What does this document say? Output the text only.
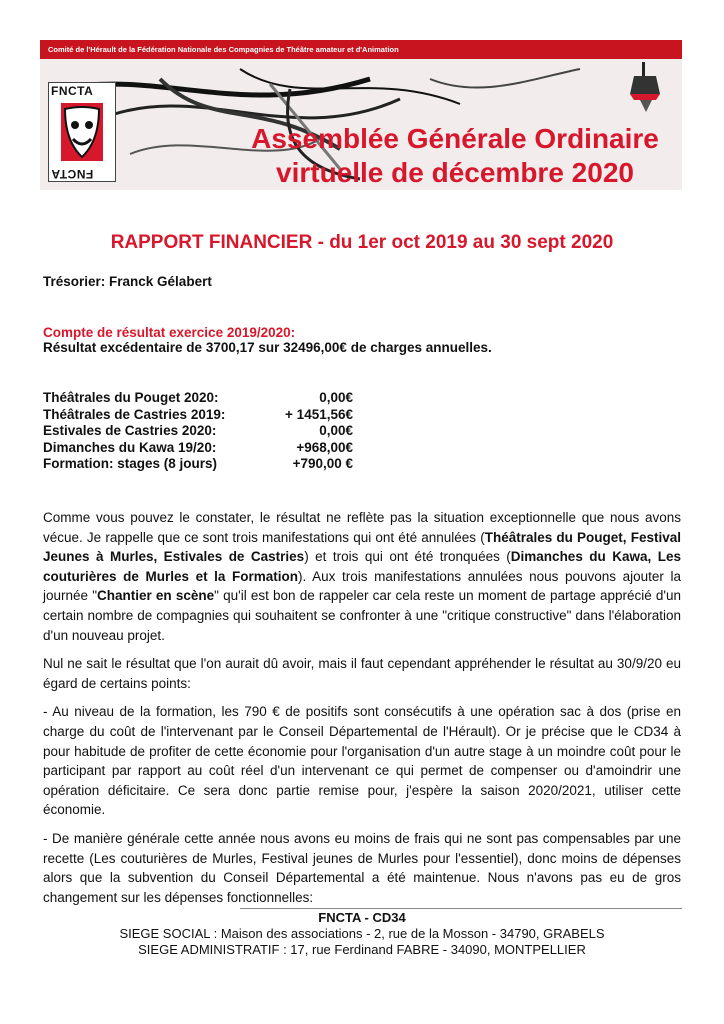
Comité de l'Hérault de la Fédération Nationale des Compagnies de Théâtre amateur et d'Animation
FNCTA
FNCTA
Assemblée Générale Ordinaire
virtuelle de décembre 2020
RAPPORT FINANCIER - du 1er oct 2019 au 30 sept 2020
Trésorier: Franck Gélabert
Compte de résultat exercice 2019/2020:
Résultat excédentaire de 3700,17 sur 32496,00€ de charges annuelles.
Théâtrales du Pouget 2020:	0,00€
Théâtrales de Castries 2019:	+ 1451,56€
Estivales de Castries 2020:	0,00€
Dimanches du Kawa 19/20:	+968,00€
Formation: stages (8 jours)	+790,00 €

Comme vous pouvez le constater, le résultat ne reflète pas la situation exceptionnelle que nous avons vécue. Je rappelle que ce sont trois manifestations qui ont été annulées (Théâtrales du Pouget, Festival Jeunes à Murles, Estivales de Castries) et trois qui ont été tronquées (Dimanches du Kawa, Les couturières de Murles et la Formation). Aux trois manifestations annulées nous pouvons ajouter la journée "Chantier en scène" qu'il est bon de rappeler car cela reste un moment de partage apprécié d'un certain nombre de compagnies qui souhaitent se confronter à une "critique constructive" dans l'élaboration d'un nouveau projet.

Nul ne sait le résultat que l'on aurait dû avoir, mais il faut cependant appréhender le résultat au 30/9/20 eu égard de certains points:

- Au niveau de la formation, les 790 € de positifs sont consécutifs à une opération sac à dos (prise en charge du coût de l'intervenant par le Conseil Départemental de l'Hérault). Or je précise que le CD34 à pour habitude de profiter de cette économie pour l'organisation d'un autre stage à un moindre coût pour le participant par rapport au coût réel d'un intervenant ce qui permet de compenser ou d'amoindrir une opération déficitaire. Ce sera donc partie remise pour, j'espère la saison 2020/2021, utiliser cette économie.

- De manière générale cette année nous avons eu moins de frais qui ne sont pas compensables par une recette (Les couturières de Murles, Festival jeunes de Murles pour l'essentiel), donc moins de dépenses alors que la subvention du Conseil Départemental a été maintenue. Nous n'avons pas eu de gros changement sur les dépenses fonctionnelles:

FNCTA - CD34
SIEGE SOCIAL : Maison des associations - 2, rue de la Mosson - 34790, GRABELS
SIEGE ADMINISTRATIF : 17, rue Ferdinand FABRE - 34090, MONTPELLIER
